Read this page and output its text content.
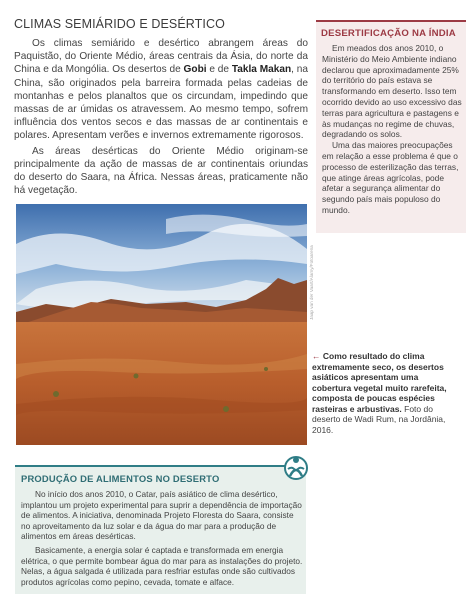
CLIMAS SEMIÁRIDO E DESÉRTICO

Os climas semiárido e desértico abrangem áreas do Paquistão, do Oriente Médio, áreas centrais da Ásia, do norte da China e da Mongólia. Os desertos de Gobi e de Takla Makan, na China, são originados pela barreira formada pelas cadeias de montanhas e pelos planaltos que os circundam, impedindo que massas de ar úmidas os atravessem. Ao mesmo tempo, sofrem influência dos ventos secos e das massas de ar continentais e polares. Apresentam verões e invernos extremamente rigorosos.

As áreas desérticas do Oriente Médio originam-se principalmente da ação de massas de ar continentais oriundas do deserto do Saara, na África. Nessas áreas, praticamente não há vegetação.

DESERTIFICAÇÃO NA ÍNDIA

Em meados dos anos 2010, o Ministério do Meio Ambiente indiano declarou que aproximadamente 25% do território do país estava se transformando em deserto. Isso tem ocorrido devido ao uso excessivo das terras para agricultura e pastagens e às mudanças no regime de chuvas, degradando os solos.

Uma das maiores preocupações em relação a esse problema é que o processo de esterilização das terras, que atinge áreas agrícolas, pode afetar a segurança alimentar do segundo país mais populoso do mundo.

Jaap van der Vaart/Alamy/Fotoarena
← Como resultado do clima extremamente seco, os desertos asiáticos apresentam uma cobertura vegetal muito rarefeita, composta de poucas espécies rasteiras e arbustivas. Foto do deserto de Wadi Rum, na Jordânia, 2016.
PRODUÇÃO DE ALIMENTOS NO DESERTO

No início dos anos 2010, o Catar, país asiático de clima desértico, implantou um projeto experimental para suprir a dependência de importação de alimentos. A iniciativa, denominada Projeto Floresta do Saara, consiste no aproveitamento da luz solar e da água do mar para a produção de alimentos em áreas desérticas.

Basicamente, a energia solar é captada e transformada em energia elétrica, o que permite bombear água do mar para as instalações do projeto. Nelas, a água salgada é utilizada para resfriar estufas onde são cultivados produtos agrícolas como pepino, cevada, tomate e alface.
